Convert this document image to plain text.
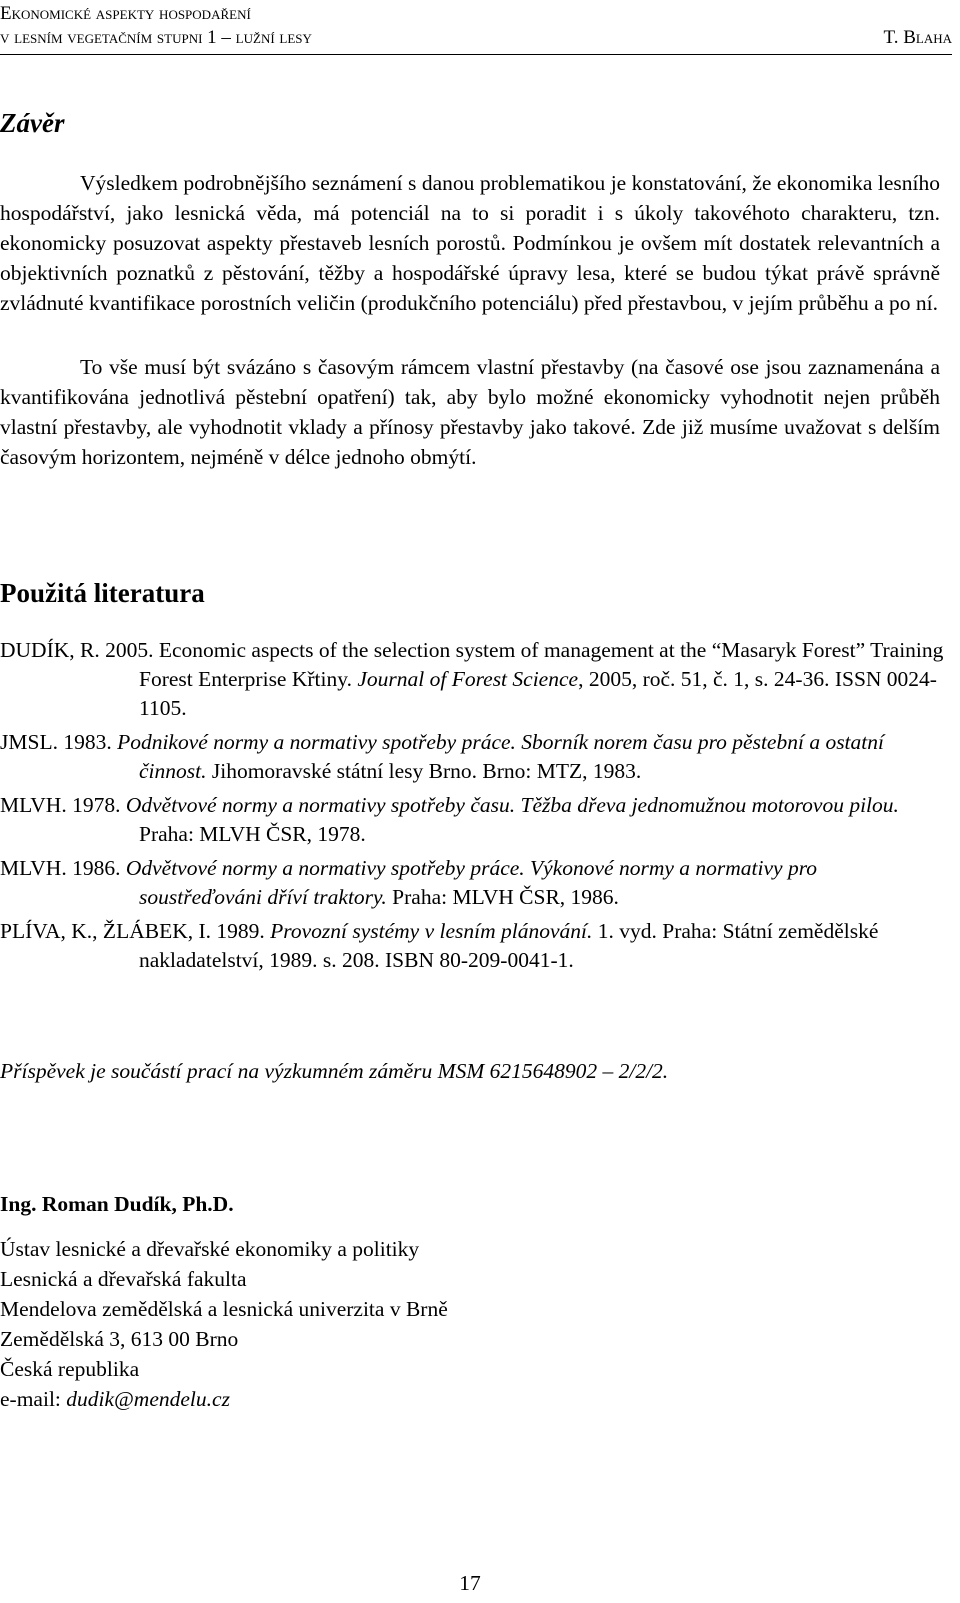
Ekonomické aspekty hospodaření
v lesním vegetačním stupni 1 – lužní lesy	T. Blaha
Závěr

Výsledkem podrobnějšího seznámení s danou problematikou je konstatování, že ekonomika lesního hospodářství, jako lesnická věda, má potenciál na to si poradit i s úkoly takovéhoto charakteru, tzn. ekonomicky posuzovat aspekty přestaveb lesních porostů. Podmínkou je ovšem mít dostatek relevantních a objektivních poznatků z pěstování, těžby a hospodářské úpravy lesa, které se budou týkat právě správně zvládnuté kvantifikace porostních veličin (produkčního potenciálu) před přestavbou, v jejím průběhu a po ní.

To vše musí být svázáno s časovým rámcem vlastní přestavby (na časové ose jsou zaznamenána a kvantifikována jednotlivá pěstební opatření) tak, aby bylo možné ekonomicky vyhodnotit nejen průběh vlastní přestavby, ale vyhodnotit vklady a přínosy přestavby jako takové. Zde již musíme uvažovat s delším časovým horizontem, nejméně v délce jednoho obmýtí.

Použitá literatura

DUDÍK, R. 2005. Economic aspects of the selection system of management at the “Masaryk Forest” Training Forest Enterprise Křtiny. Journal of Forest Science, 2005, roč. 51, č. 1, s. 24-36. ISSN 0024-1105.

JMSL. 1983. Podnikové normy a normativy spotřeby práce. Sborník norem času pro pěstební a ostatní činnost. Jihomoravské státní lesy Brno. Brno: MTZ, 1983.

MLVH. 1978. Odvětvové normy a normativy spotřeby času. Těžba dřeva jednomužnou motorovou pilou. Praha: MLVH ČSR, 1978.

MLVH. 1986. Odvětvové normy a normativy spotřeby práce. Výkonové normy a normativy pro soustřeďováni dříví traktory. Praha: MLVH ČSR, 1986.

PLÍVA, K., ŽLÁBEK, I. 1989. Provozní systémy v lesním plánování. 1. vyd. Praha: Státní zemědělské nakladatelství, 1989. s. 208. ISBN 80-209-0041-1.

Příspěvek je součástí prací na výzkumném záměru MSM 6215648902 – 2/2/2.
Ing. Roman Dudík, Ph.D.
Ústav lesnické a dřevařské ekonomiky a politiky
Lesnická a dřevařská fakulta
Mendelova zemědělská a lesnická univerzita v Brně
Zemědělská 3, 613 00 Brno
Česká republika
e-mail: dudik@mendelu.cz
17
